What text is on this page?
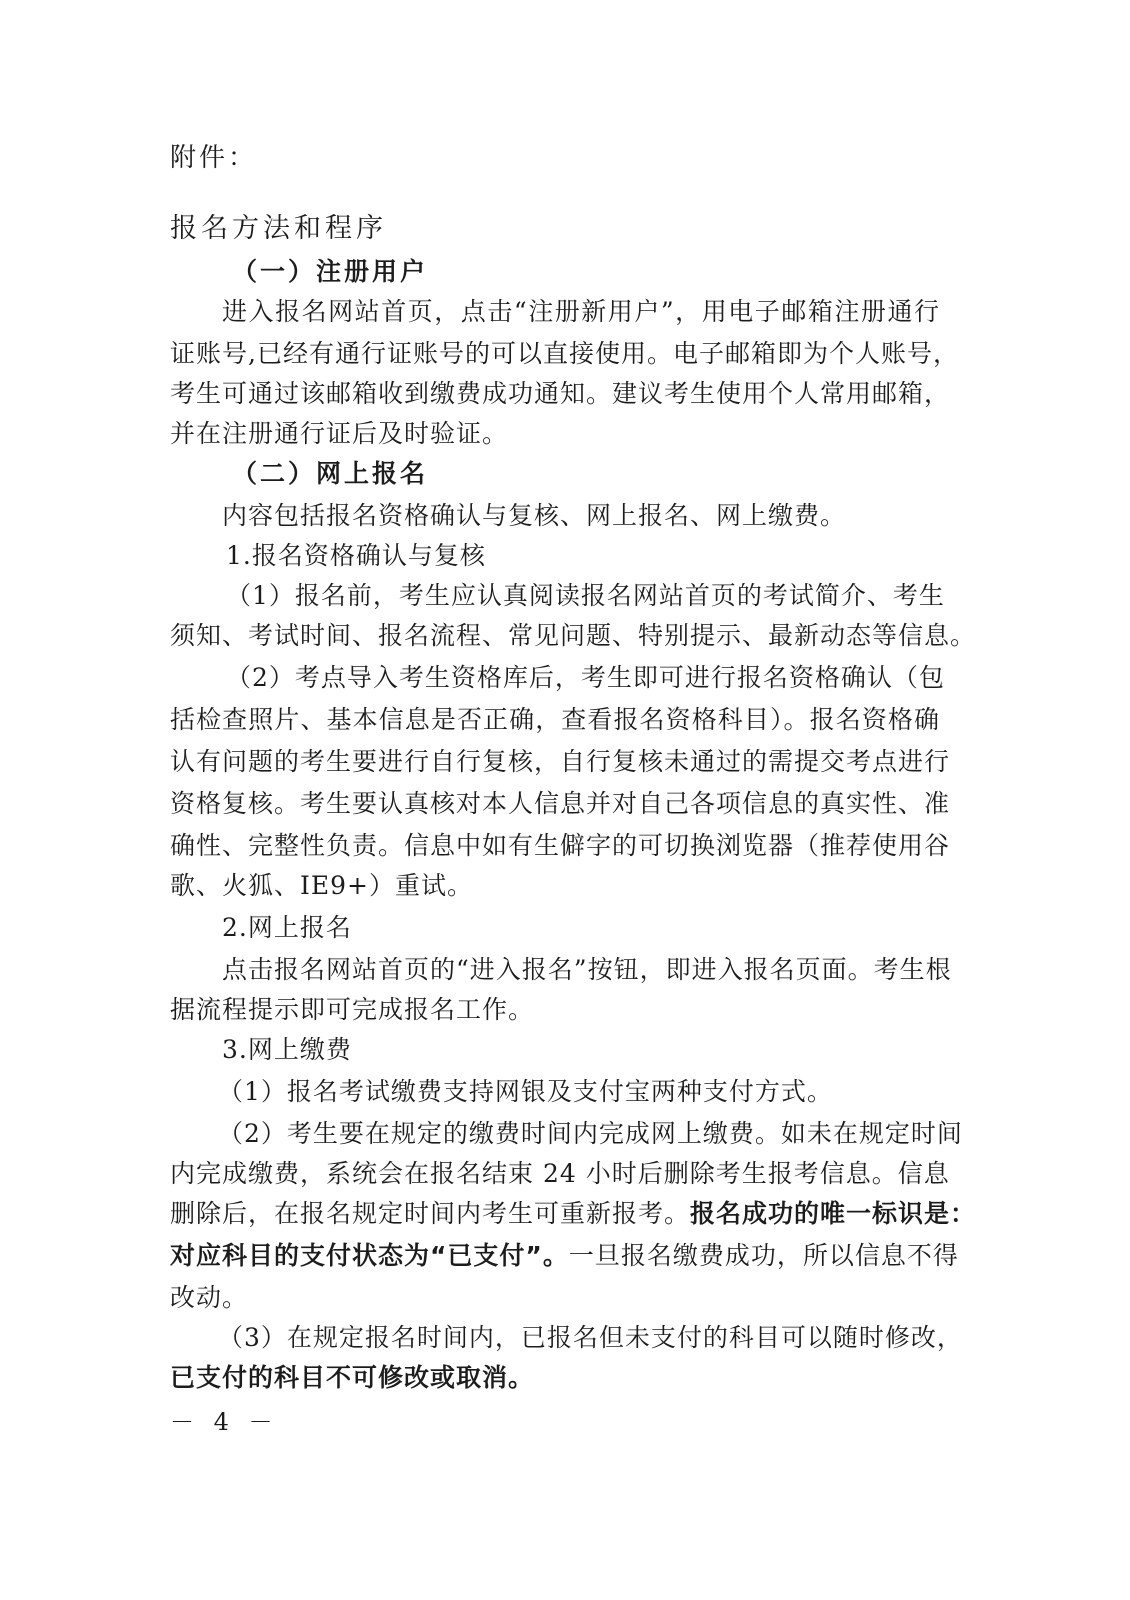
附件：
报名方法和程序
（一）注册用户
进入报名网站首页，点击“注册新用户”，用电子邮箱注册通行
证账号,已经有通行证账号的可以直接使用。电子邮箱即为个人账号，
考生可通过该邮箱收到缴费成功通知。建议考生使用个人常用邮箱，
并在注册通行证后及时验证。
（二）网上报名
内容包括报名资格确认与复核、网上报名、网上缴费。
1.报名资格确认与复核
（1）报名前，考生应认真阅读报名网站首页的考试简介、考生
须知、考试时间、报名流程、常见问题、特别提示、最新动态等信息。
（2）考点导入考生资格库后，考生即可进行报名资格确认（包
括检查照片、基本信息是否正确，查看报名资格科目）。报名资格确
认有问题的考生要进行自行复核，自行复核未通过的需提交考点进行
资格复核。考生要认真核对本人信息并对自己各项信息的真实性、准
确性、完整性负责。信息中如有生僻字的可切换浏览器（推荐使用谷
歌、火狐、IE9+）重试。
2.网上报名
点击报名网站首页的“进入报名”按钮，即进入报名页面。考生根
据流程提示即可完成报名工作。
3.网上缴费
（1）报名考试缴费支持网银及支付宝两种支付方式。
（2）考生要在规定的缴费时间内完成网上缴费。如未在规定时间
内完成缴费，系统会在报名结束 24 小时后删除考生报考信息。信息
删除后，在报名规定时间内考生可重新报考。报名成功的唯一标识是：
对应科目的支付状态为“已支付”。一旦报名缴费成功，所以信息不得
改动。
（3）在规定报名时间内，已报名但未支付的科目可以随时修改，
已支付的科目不可修改或取消。
－ 4 －
